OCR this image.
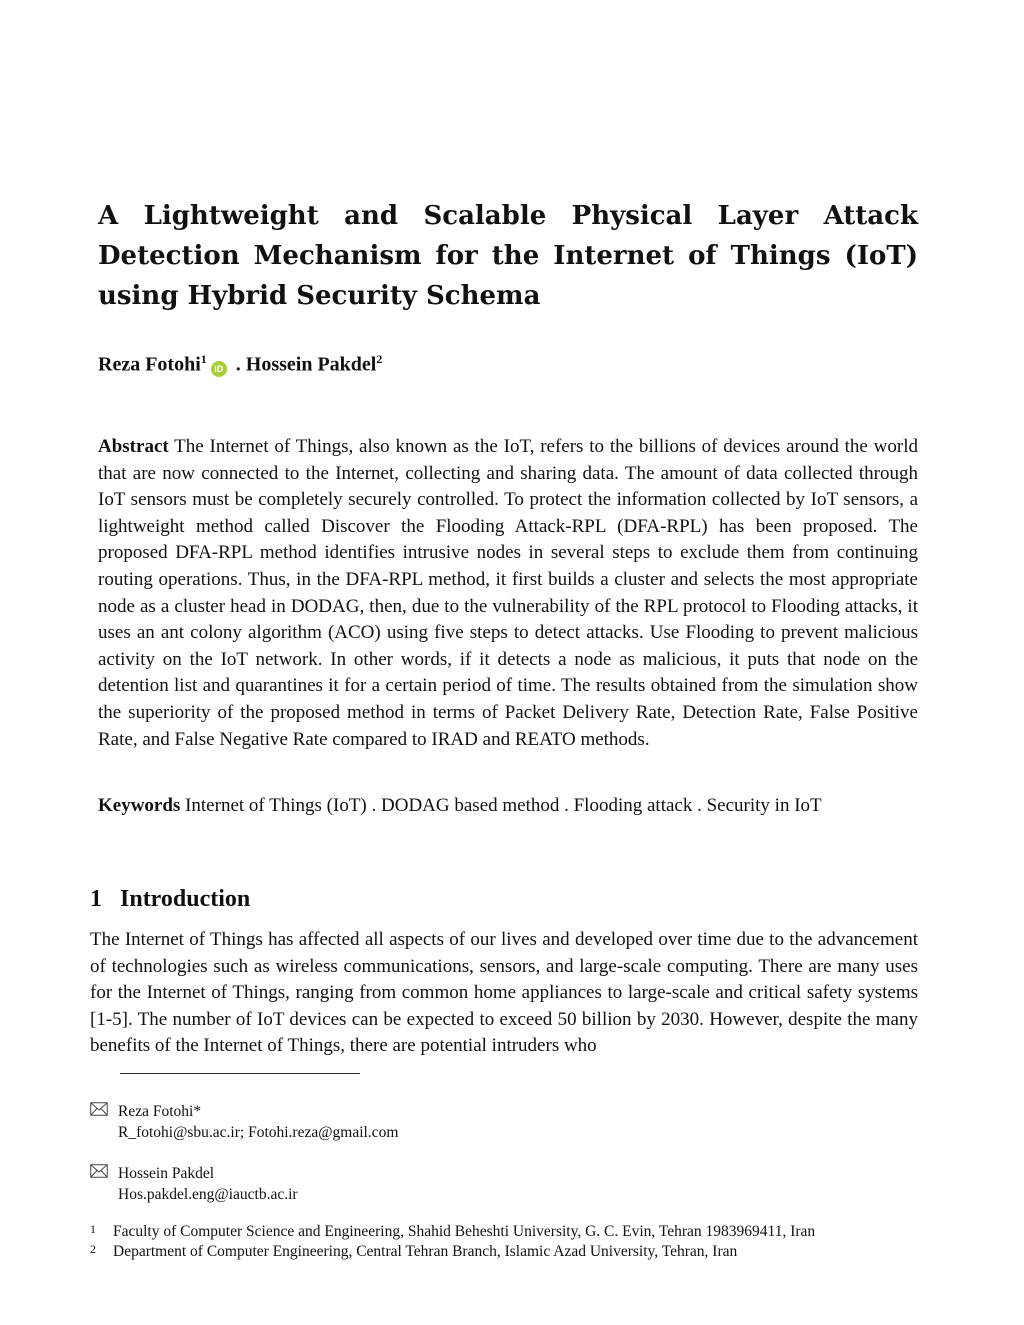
A Lightweight and Scalable Physical Layer Attack Detection Mechanism for the Internet of Things (IoT) using Hybrid Security Schema

Reza Fotohi$^1$iD . Hossein Pakdel$^2$

Abstract The Internet of Things, also known as the IoT, refers to the billions of devices around the world that are now connected to the Internet, collecting and sharing data. The amount of data collected through IoT sensors must be completely securely controlled. To protect the information collected by IoT sensors, a lightweight method called Discover the Flooding Attack-RPL (DFA-RPL) has been proposed. The proposed DFA-RPL method identifies intrusive nodes in several steps to exclude them from continuing routing operations. Thus, in the DFA-RPL method, it first builds a cluster and selects the most appropriate node as a cluster head in DODAG, then, due to the vulnerability of the RPL protocol to Flooding attacks, it uses an ant colony algorithm (ACO) using five steps to detect attacks. Use Flooding to prevent malicious activity on the IoT network. In other words, if it detects a node as malicious, it puts that node on the detention list and quarantines it for a certain period of time. The results obtained from the simulation show the superiority of the proposed method in terms of Packet Delivery Rate, Detection Rate, False Positive Rate, and False Negative Rate compared to IRAD and REATO methods.

Keywords Internet of Things (IoT) . DODAG based method . Flooding attack . Security in IoT

1 Introduction

The Internet of Things has affected all aspects of our lives and developed over time due to the advancement of technologies such as wireless communications, sensors, and large-scale computing. There are many uses for the Internet of Things, ranging from common home appliances to large-scale and critical safety systems [1-5]. The number of IoT devices can be expected to exceed 50 billion by 2030. However, despite the many benefits of the Internet of Things, there are potential intruders who

Reza Fotohi*
R_fotohi@sbu.ac.ir; Fotohi.reza@gmail.com
Hossein Pakdel
Hos.pakdel.eng@iauctb.ac.ir
1 Faculty of Computer Science and Engineering, Shahid Beheshti University, G. C. Evin, Tehran 1983969411, Iran
2 Department of Computer Engineering, Central Tehran Branch, Islamic Azad University, Tehran, Iran
